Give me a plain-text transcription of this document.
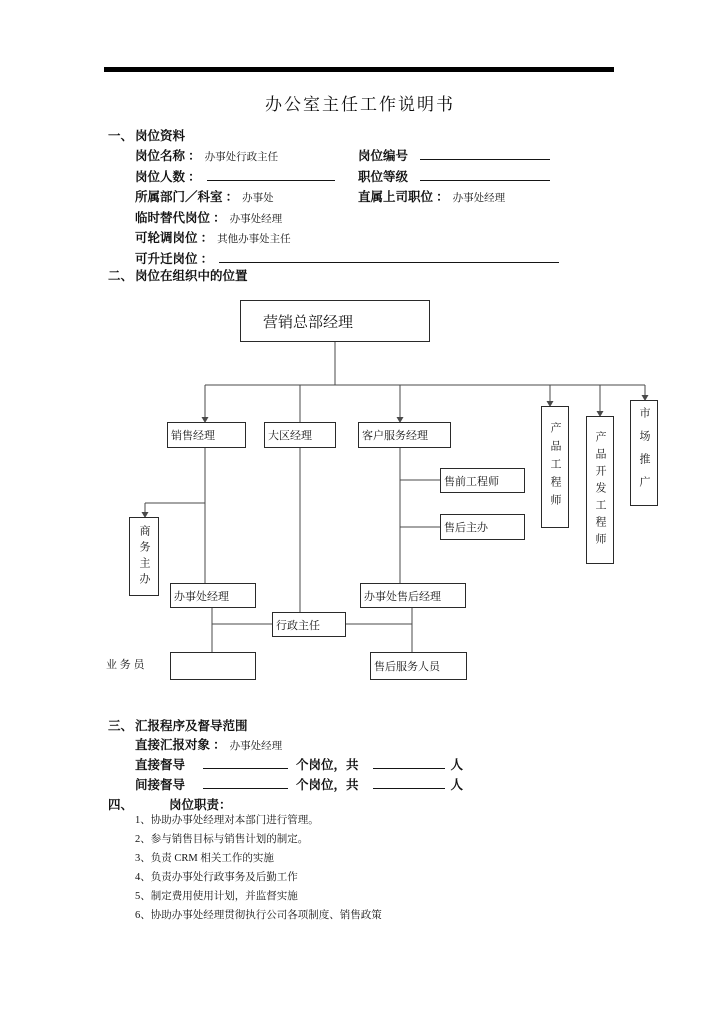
办公室主任工作说明书
一、 岗位资料
岗位名称 ： 办事处行政主任	岗位编号
岗位人数 ：	职位等级
所属部门／科室 ： 办事处	直属上司职位 ： 办事处经理
临时替代岗位 ： 办事处经理
可轮调岗位 ： 其他办事处主任
可升迁岗位 ：
二、 岗位在组织中的位置
营销总部经理
销售经理	大区经理	客户服务经理	产品工程师	产品开发工程师	市场推广
售前工程师
售后主办
商务主办
办事处经理	办事处售后经理
行政主任
业 务 员	售后服务人员
三、 汇报程序及督导范围
直接汇报对象 ： 办事处经理
直接督导	个岗位，共	人
间接督导	个岗位，共	人
四、	岗位职责：
1、协助办事处经理对本部门进行管理。
2、参与销售目标与销售计划的制定。
3、负责 CRM 相关工作的实施
4、负责办事处行政事务及后勤工作
5、制定费用使用计划，并监督实施
6、协助办事处经理贯彻执行公司各项制度、销售政策
